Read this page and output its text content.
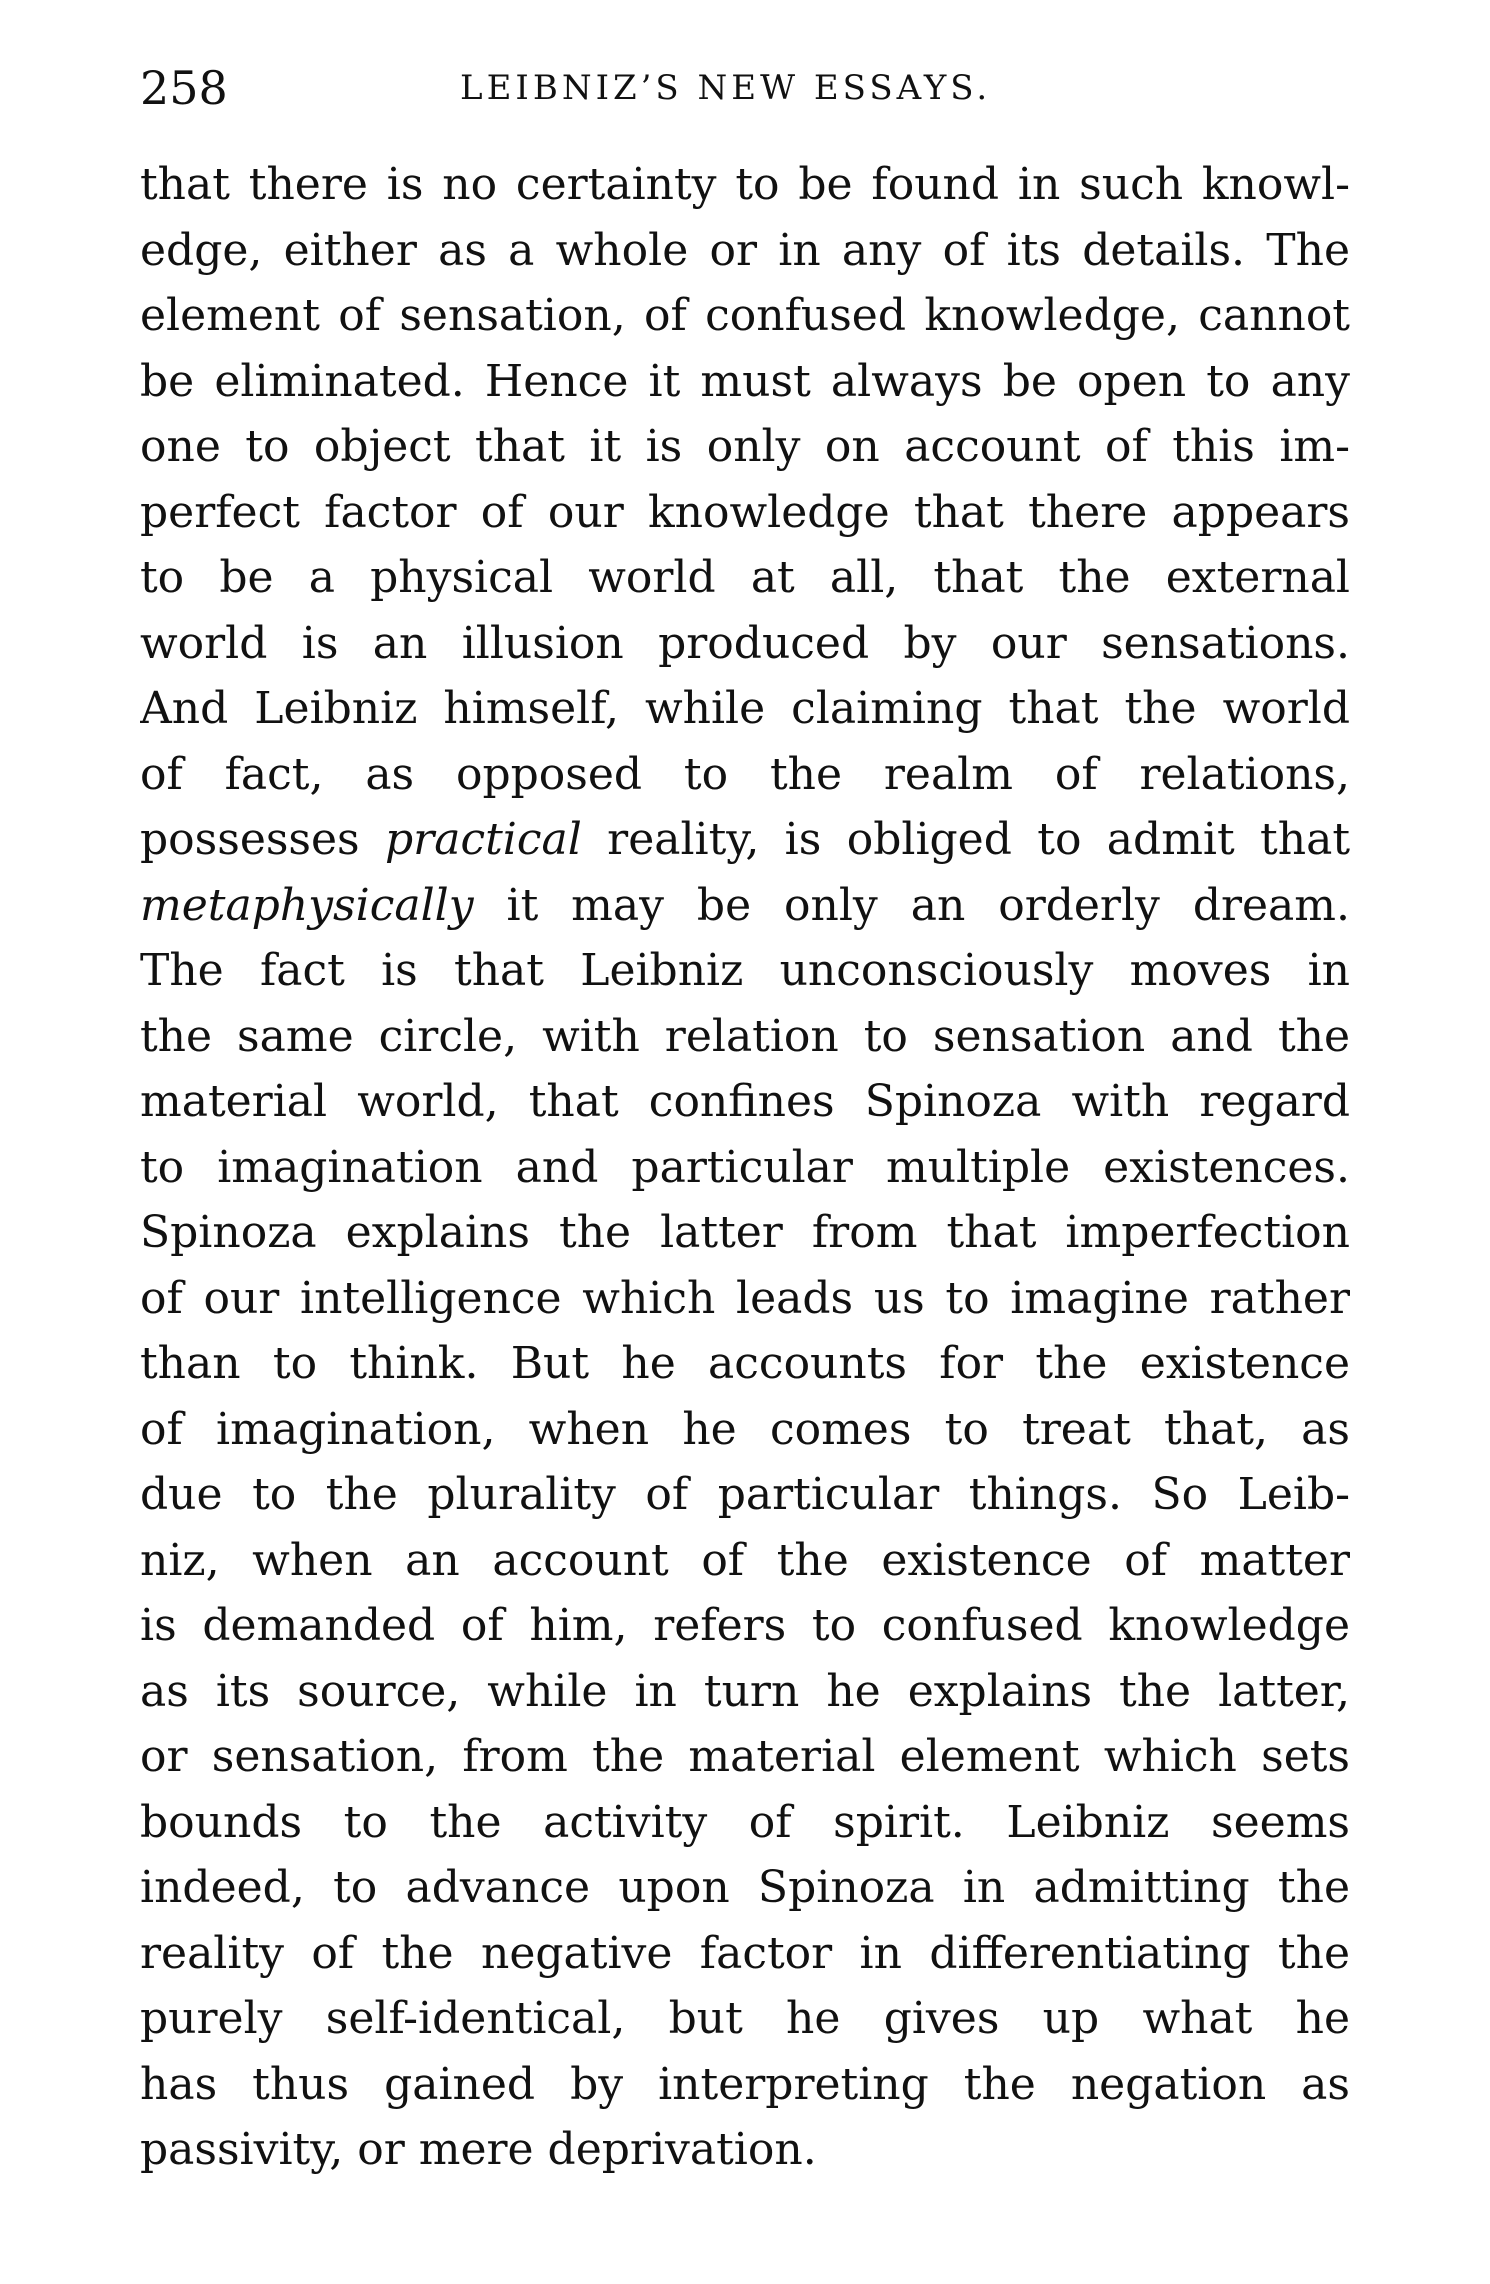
258	LEIBNIZ’S NEW ESSAYS.
that there is no certainty to be found in such knowl-
edge, either as a whole or in any of its details. The
element of sensation, of confused knowledge, cannot
be eliminated. Hence it must always be open to any
one to object that it is only on account of this im-
perfect factor of our knowledge that there appears
to be a physical world at all, that the external
world is an illusion produced by our sensations.
And Leibniz himself, while claiming that the world
of fact, as opposed to the realm of relations,
possesses practical reality, is obliged to admit that
metaphysically it may be only an orderly dream.
The fact is that Leibniz unconsciously moves in
the same circle, with relation to sensation and the
material world, that confines Spinoza with regard
to imagination and particular multiple existences.
Spinoza explains the latter from that imperfection
of our intelligence which leads us to imagine rather
than to think. But he accounts for the existence
of imagination, when he comes to treat that, as
due to the plurality of particular things. So Leib-
niz, when an account of the existence of matter
is demanded of him, refers to confused knowledge
as its source, while in turn he explains the latter,
or sensation, from the material element which sets
bounds to the activity of spirit. Leibniz seems
indeed, to advance upon Spinoza in admitting the
reality of the negative factor in differentiating the
purely self-identical, but he gives up what he
has thus gained by interpreting the negation as
passivity, or mere deprivation.
